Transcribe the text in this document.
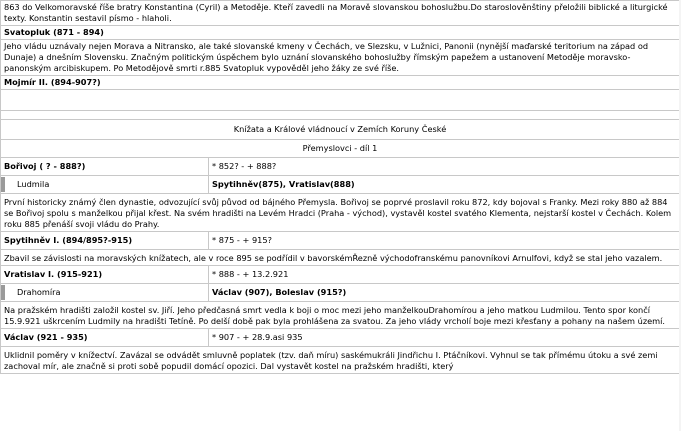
863 do Velkomoravské říše bratry Konstantina (Cyril) a Metoděje. Kteří zavedli na Moravě slovanskou bohoslužbu.Do staroslověnštiny přeložili biblické a liturgické texty. Konstantin sestavil písmo - hlaholi.	
Svatopluk (871 - 894)	
Jeho vládu uznávaly nejen Morava a Nitransko, ale také slovanské kmeny v Čechách, ve Slezsku, v Lužnici, Panonii (nynější maďarské teritorium na západ od Dunaje) a dnešním Slovensku. Značným politickým úspěchem bylo uznání slovanského bohoslužby římským papežem a ustanovení Metoděje moravsko-panonským arcibiskupem. Po Metodějově smrti r.885 Svatopluk vypověděl jeho žáky ze své říše.	
Mojmír II. (894-907?)	

Knížata a Králové vládnoucí v Zemích Koruny České	
Přemyslovci - díl 1	
Bořivoj ( ? - 888?)	* 852? - + 888?
Ludmila	Spytihněv(875), Vratislav(888)
První historicky známý člen dynastie, odvozující svůj původ od bájného Přemysla. Bořivoj se poprvé proslavil roku 872, kdy bojoval s Franky. Mezi roky 880 až 884 se Bořivoj spolu s manželkou přijal křest. Na svém hradišti na Levém Hradci (Praha - východ), vystavěl kostel svatého Klementa, nejstarší kostel v Čechách. Kolem roku 885 přenáší svoji vládu do Prahy.	
Spytihněv I. (894/895?-915)	* 875 - + 915?
Zbavil se závislosti na moravských knížatech, ale v roce 895 se podřídil v bavorskémŘezně východofranskému panovníkovi Arnulfovi, když se stal jeho vazalem.	
Vratislav I. (915-921)	* 888 - + 13.2.921
Drahomíra	Václav (907), Boleslav (915?)
Na pražském hradišti založil kostel sv. Jiří. Jeho předčasná smrt vedla k boji o moc mezi jeho manželkouDrahomírou a jeho matkou Ludmilou. Tento spor končí 15.9.921 uškrcením Ludmily na hradišti Tetíně. Po delší době pak byla prohlášena za svatou. Za jeho vlády vrcholí boje mezi křesťany a pohany na našem území.	
Václav (921 - 935)	* 907 - + 28.9.asi 935
Uklidnil poměry v knížectví. Zavázal se odvádět smluvně poplatek (tzv. daň míru) saskémukráli Jindřichu I. Ptáčníkovi. Vyhnul se tak přímému útoku a své zemi zachoval mír, ale značně si proti sobě popudil domácí opozici. Dal vystavět kostel na pražském hradišti, který	
